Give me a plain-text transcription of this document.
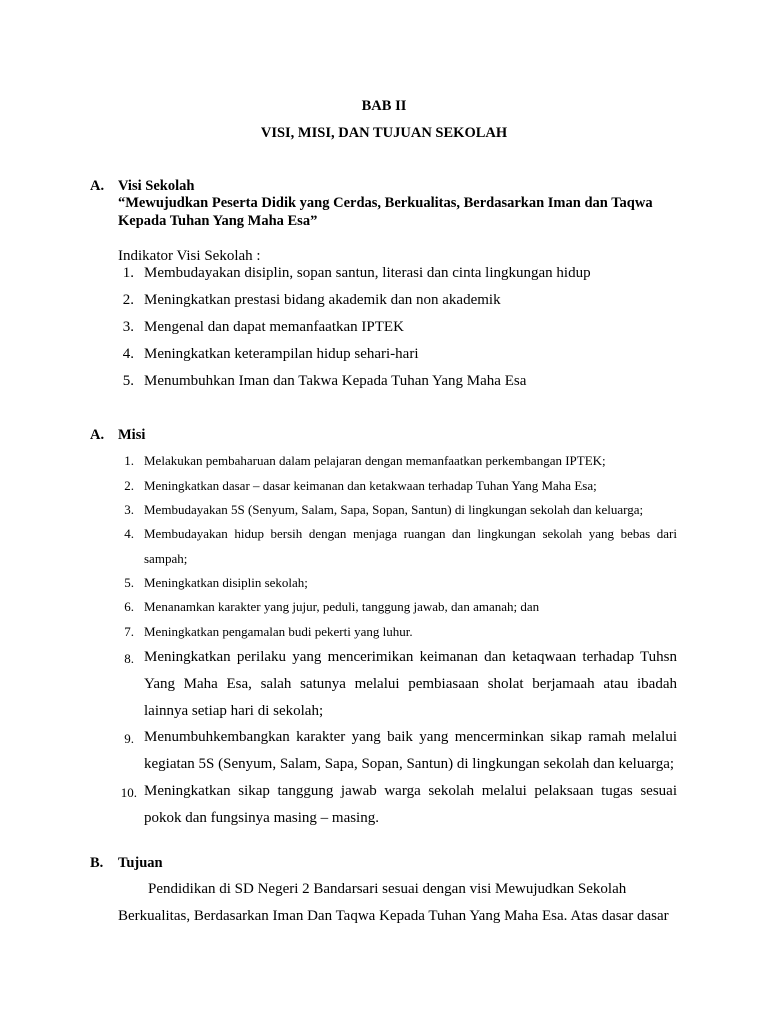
BAB II
VISI, MISI, DAN TUJUAN SEKOLAH
A. Visi Sekolah
“Mewujudkan Peserta Didik yang Cerdas, Berkualitas, Berdasarkan Iman dan Taqwa
Kepada Tuhan Yang Maha Esa”
Indikator Visi Sekolah :
1. Membudayakan disiplin, sopan santun, literasi dan cinta lingkungan hidup
2. Meningkatkan prestasi bidang akademik dan non akademik
3. Mengenal dan dapat memanfaatkan IPTEK
4. Meningkatkan keterampilan hidup sehari-hari
5. Menumbuhkan Iman dan Takwa Kepada Tuhan Yang Maha Esa
A. Misi
1. Melakukan pembaharuan dalam pelajaran dengan memanfaatkan perkembangan IPTEK;
2. Meningkatkan dasar – dasar keimanan dan ketakwaan terhadap Tuhan Yang Maha Esa;
3. Membudayakan 5S (Senyum, Salam, Sapa, Sopan, Santun) di lingkungan sekolah dan keluarga;
4. Membudayakan hidup bersih dengan menjaga ruangan dan lingkungan sekolah yang bebas dari
sampah;
5. Meningkatkan disiplin sekolah;
6. Menanamkan karakter yang jujur, peduli, tanggung jawab, dan amanah; dan
7. Meningkatkan pengamalan budi pekerti yang luhur.
8. Meningkatkan perilaku yang mencerimikan keimanan dan ketaqwaan terhadap Tuhsn
Yang Maha Esa, salah satunya melalui pembiasaan sholat berjamaah atau ibadah
lainnya setiap hari di sekolah;
9. Menumbuhkembangkan karakter yang baik yang mencerminkan sikap ramah melalui
kegiatan 5S (Senyum, Salam, Sapa, Sopan, Santun) di lingkungan sekolah dan keluarga;
10. Meningkatkan sikap tanggung jawab warga sekolah melalui pelaksaan tugas sesuai
pokok dan fungsinya masing – masing.
B. Tujuan
Pendidikan di SD Negeri 2 Bandarsari sesuai dengan visi Mewujudkan Sekolah
Berkualitas, Berdasarkan Iman Dan Taqwa Kepada Tuhan Yang Maha Esa. Atas dasar dasar
